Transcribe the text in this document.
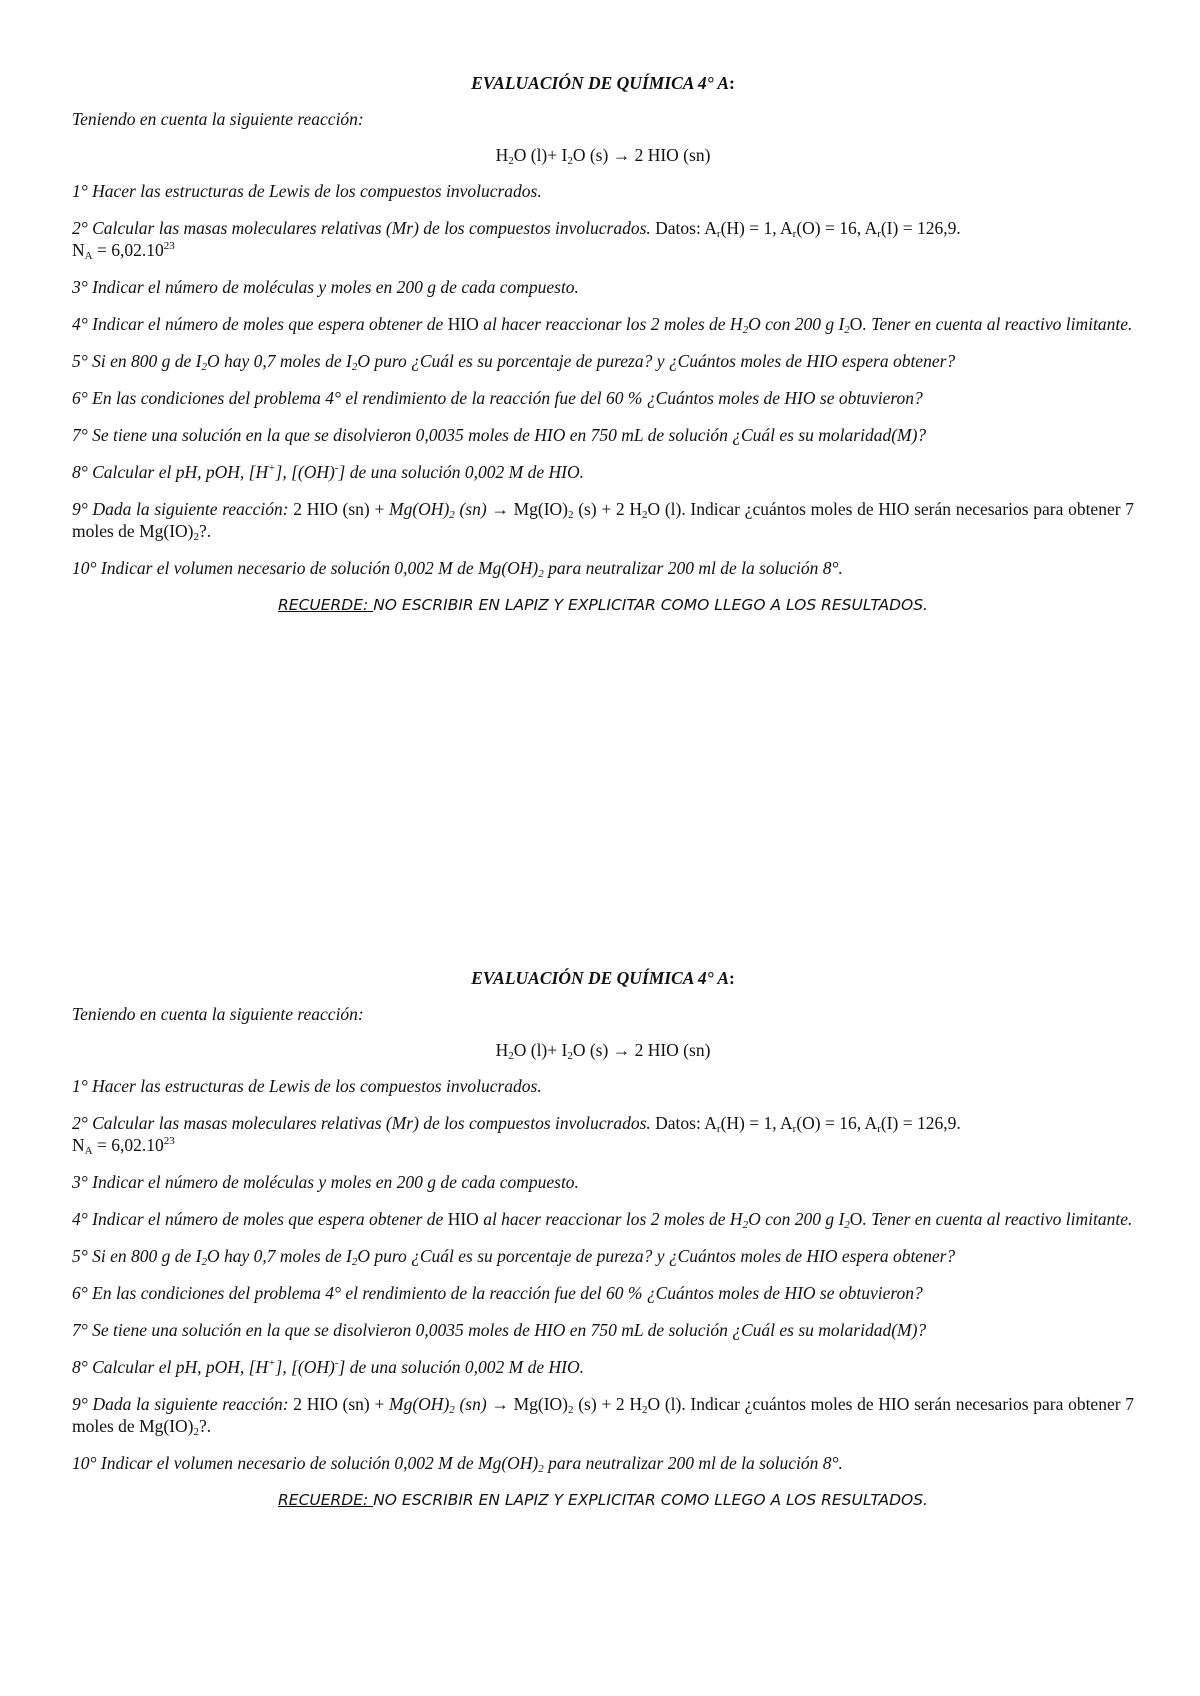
EVALUACIÓN DE QUÍMICA 4° A:
Teniendo en cuenta la siguiente reacción:
$H_2O$ $(l)+ I_2O$ (s) → 2 HIO (sn)
1° Hacer las estructuras de Lewis de los compuestos involucrados.
2° Calcular las masas moleculares relativas (Mr) de los compuestos involucrados. Datos: $A_r(H) = 1$, $A_r(O) = 16$, $A_r(I) = 126,9$.
$N_A = 6,02.10^{23}$
3° Indicar el número de moléculas y moles en 200 g de cada compuesto.
4° Indicar el número de moles que espera obtener de HIO al hacer reaccionar los 2 moles de $H_2O$ con 200 g $I_2O$. Tener en cuenta al reactivo limitante.
5° Si en 800 g de $I_2O$ hay 0,7 moles de $I_2O$ puro ¿Cuál es su porcentaje de pureza? y ¿Cuántos moles de HIO espera obtener?
6° En las condiciones del problema 4° el rendimiento de la reacción fue del 60 % ¿Cuántos moles de HIO se obtuvieron?
7° Se tiene una solución en la que se disolvieron 0,0035 moles de HIO en 750 mL de solución ¿Cuál es su molaridad(M)?
8° Calcular el pH, pOH, [H+], [(OH)-] de una solución 0,002 M de HIO.
9° Dada la siguiente reacción: 2 HIO $(sn) + Mg(OH)_2$ $(sn) \to Mg(IO)_2$ (s) + 2 $H_2O$ (l). Indicar ¿cuántos moles de HIO serán necesarios para obtener 7 moles de $Mg(IO)_2$?.
10° Indicar el volumen necesario de solución 0,002 M de $Mg(OH)_2$ para neutralizar 200 ml de la solución 8°.
RECUERDE: NO ESCRIBIR EN LAPIZ Y EXPLICITAR COMO LLEGO A LOS RESULTADOS.
EVALUACIÓN DE QUÍMICA 4° A:
Teniendo en cuenta la siguiente reacción:
$H_2O$ $(l)+ I_2O$ (s) → 2 HIO (sn)
1° Hacer las estructuras de Lewis de los compuestos involucrados.
2° Calcular las masas moleculares relativas (Mr) de los compuestos involucrados. Datos: $A_r(H) = 1$, $A_r(O) = 16$, $A_r(I) = 126,9$.
$N_A = 6,02.10^{23}$
3° Indicar el número de moléculas y moles en 200 g de cada compuesto.
4° Indicar el número de moles que espera obtener de HIO al hacer reaccionar los 2 moles de $H_2O$ con 200 g $I_2O$. Tener en cuenta al reactivo limitante.
5° Si en 800 g de $I_2O$ hay 0,7 moles de $I_2O$ puro ¿Cuál es su porcentaje de pureza? y ¿Cuántos moles de HIO espera obtener?
6° En las condiciones del problema 4° el rendimiento de la reacción fue del 60 % ¿Cuántos moles de HIO se obtuvieron?
7° Se tiene una solución en la que se disolvieron 0,0035 moles de HIO en 750 mL de solución ¿Cuál es su molaridad(M)?
8° Calcular el pH, pOH, [H+], [(OH)-] de una solución 0,002 M de HIO.
9° Dada la siguiente reacción: 2 HIO $(sn) + Mg(OH)_2$ $(sn) \to Mg(IO)_2$ (s) + 2 $H_2O$ (l). Indicar ¿cuántos moles de HIO serán necesarios para obtener 7 moles de $Mg(IO)_2$?.
10° Indicar el volumen necesario de solución 0,002 M de $Mg(OH)_2$ para neutralizar 200 ml de la solución 8°.
RECUERDE: NO ESCRIBIR EN LAPIZ Y EXPLICITAR COMO LLEGO A LOS RESULTADOS.
